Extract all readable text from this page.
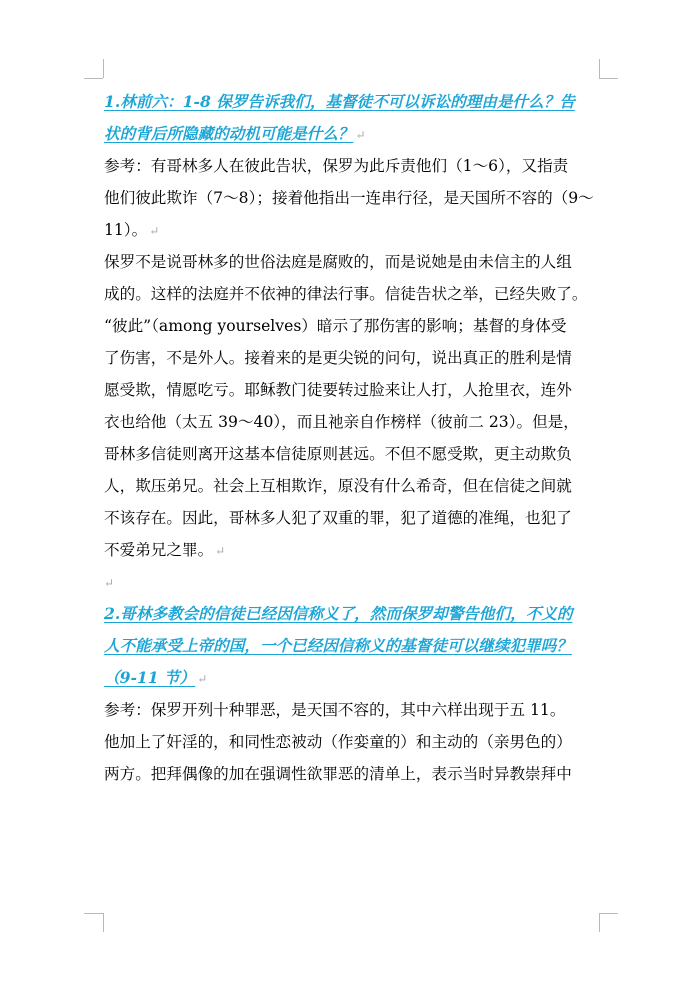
1.林前六：1-8 保罗告诉我们，基督徒不可以诉讼的理由是什么？告
状的背后所隐藏的动机可能是什么？ ↵
参考：有哥林多人在彼此告状，保罗为此斥责他们（1～6），又指责
他们彼此欺诈（7～8）；接着他指出一连串行径，是天国所不容的（9～
11）。 ↵
保罗不是说哥林多的世俗法庭是腐败的，而是说她是由未信主的人组
成的。这样的法庭并不依神的律法行事。信徒告状之举，已经失败了。
“彼此”（among yourselves）暗示了那伤害的影响；基督的身体受
了伤害，不是外人。接着来的是更尖锐的问句，说出真正的胜利是情
愿受欺，情愿吃亏。耶稣教门徒要转过脸来让人打，人抢里衣，连外
衣也给他（太五 39～40），而且祂亲自作榜样（彼前二 23）。但是，
哥林多信徒则离开这基本信徒原则甚远。不但不愿受欺，更主动欺负
人，欺压弟兄。社会上互相欺诈，原没有什么希奇，但在信徒之间就
不该存在。因此，哥林多人犯了双重的罪，犯了道德的准绳，也犯了
不爱弟兄之罪。 ↵
↵
2.哥林多教会的信徒已经因信称义了，然而保罗却警告他们，不义的
人不能承受上帝的国，一个已经因信称义的基督徒可以继续犯罪吗？
（9-11 节） ↵
参考：保罗开列十种罪恶，是天国不容的，其中六样出现于五 11。
他加上了奸淫的，和同性恋被动（作娈童的）和主动的（亲男色的）
两方。把拜偶像的加在强调性欲罪恶的清单上，表示当时异教崇拜中
